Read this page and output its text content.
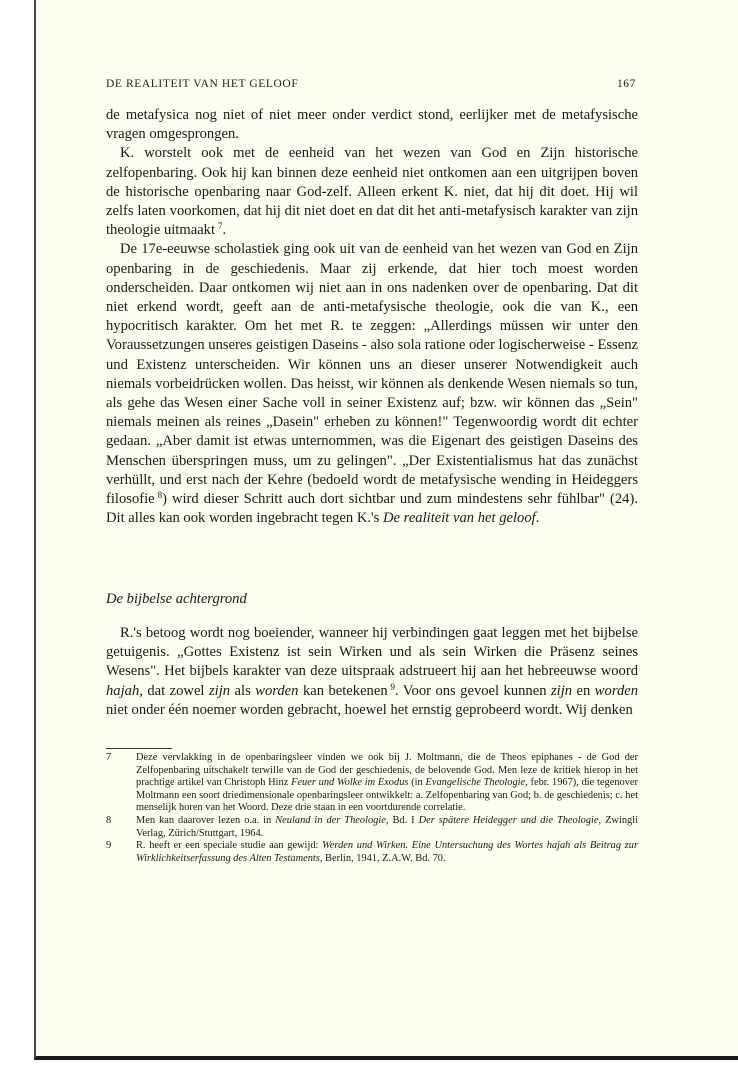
DE REALITEIT VAN HET GELOOF	167

de metafysica nog niet of niet meer onder verdict stond, eerlijker met de metafysische vragen omgesprongen.

K. worstelt ook met de eenheid van het wezen van God en Zijn historische zelfopenbaring. Ook hij kan binnen deze eenheid niet ontkomen aan een uitgrijpen boven de historische openbaring naar God-zelf. Alleen erkent K. niet, dat hij dit doet. Hij wil zelfs laten voorkomen, dat hij dit niet doet en dat dit het anti-metafysisch karakter van zijn theologie uitmaakt  $^7$.

De 17e-eeuwse scholastiek ging ook uit van de eenheid van het wezen van God en Zijn openbaring in de geschiedenis. Maar zij erkende, dat hier toch moest worden onderscheiden. Daar ontkomen wij niet aan in ons nadenken over de openbaring. Dat dit niet erkend wordt, geeft aan de anti-metafysische theologie, ook die van K., een hypocritisch karakter. Om het met R. te zeggen: „Allerdings müssen wir unter den Voraussetzungen unseres geistigen Daseins - also sola ratione oder logischerweise - Essenz und Existenz unterscheiden. Wir können uns an dieser unserer Notwendigkeit auch niemals vorbeidrücken wollen. Das heisst, wir können als denkende Wesen niemals so tun, als gehe das Wesen einer Sache voll in seiner Existenz auf; bzw. wir können das „Sein" niemals meinen als reines „Dasein" erheben zu können!" Tegenwoordig wordt dit echter gedaan. „Aber damit ist etwas unternommen, was die Eigenart des geistigen Daseins des Menschen überspringen muss, um zu gelingen". „Der Existentialismus hat das zunächst verhüllt, und erst nach der Kehre (bedoeld wordt de metafysische wending in Heideggers filosofie  $^8$) wird dieser Schritt auch dort sichtbar und zum mindestens sehr fühlbar" (24). Dit alles kan ook worden ingebracht tegen K.'s De realiteit van het geloof.

De bijbelse achtergrond

R.'s betoog wordt nog boeiender, wanneer hij verbindingen gaat leggen met het bijbelse getuigenis. „Gottes Existenz ist sein Wirken und als sein Wirken die Präsenz seines Wesens". Het bijbels karakter van deze uitspraak adstrueert hij aan het hebreeuwse woord hajah, dat zowel zijn als worden kan betekenen  $^9$. Voor ons gevoel kunnen zijn en worden niet onder één noemer worden gebracht, hoewel het ernstig geprobeerd wordt. Wij denken

7 Deze vervlakking in de openbaringsleer vinden we ook bij J. Moltmann, die de Theos epiphanes - de God der Zelfopenbaring uitschakelt terwille van de God der geschiedenis, de belovende God. Men leze de kritiek hierop in het prachtige artikel van Christoph Hinz Feuer und Wolke im Exodus (in Evangelische Theologie, febr. 1967), die tegenover Moltmann een soort driedimensionale openbaringsleer ontwikkelt: a. Zelfopenbaring van God; b. de geschiedenis; c. het menselijk horen van het Woord. Deze drie staan in een voortdurende correlatie.

8 Men kan daarover lezen o.a. in Neuland in der Theologie, Bd. I Der spätere Heidegger und die Theologie, Zwingli Verlag, Zürich/Stuttgart, 1964.

9 R. heeft er een speciale studie aan gewijd: Werden und Wirken. Eine Untersuchung des Wortes hajah als Beitrag zur Wirklichkeitserfassung des Alten Testaments, Berlin, 1941, Z.A.W. Bd. 70.
